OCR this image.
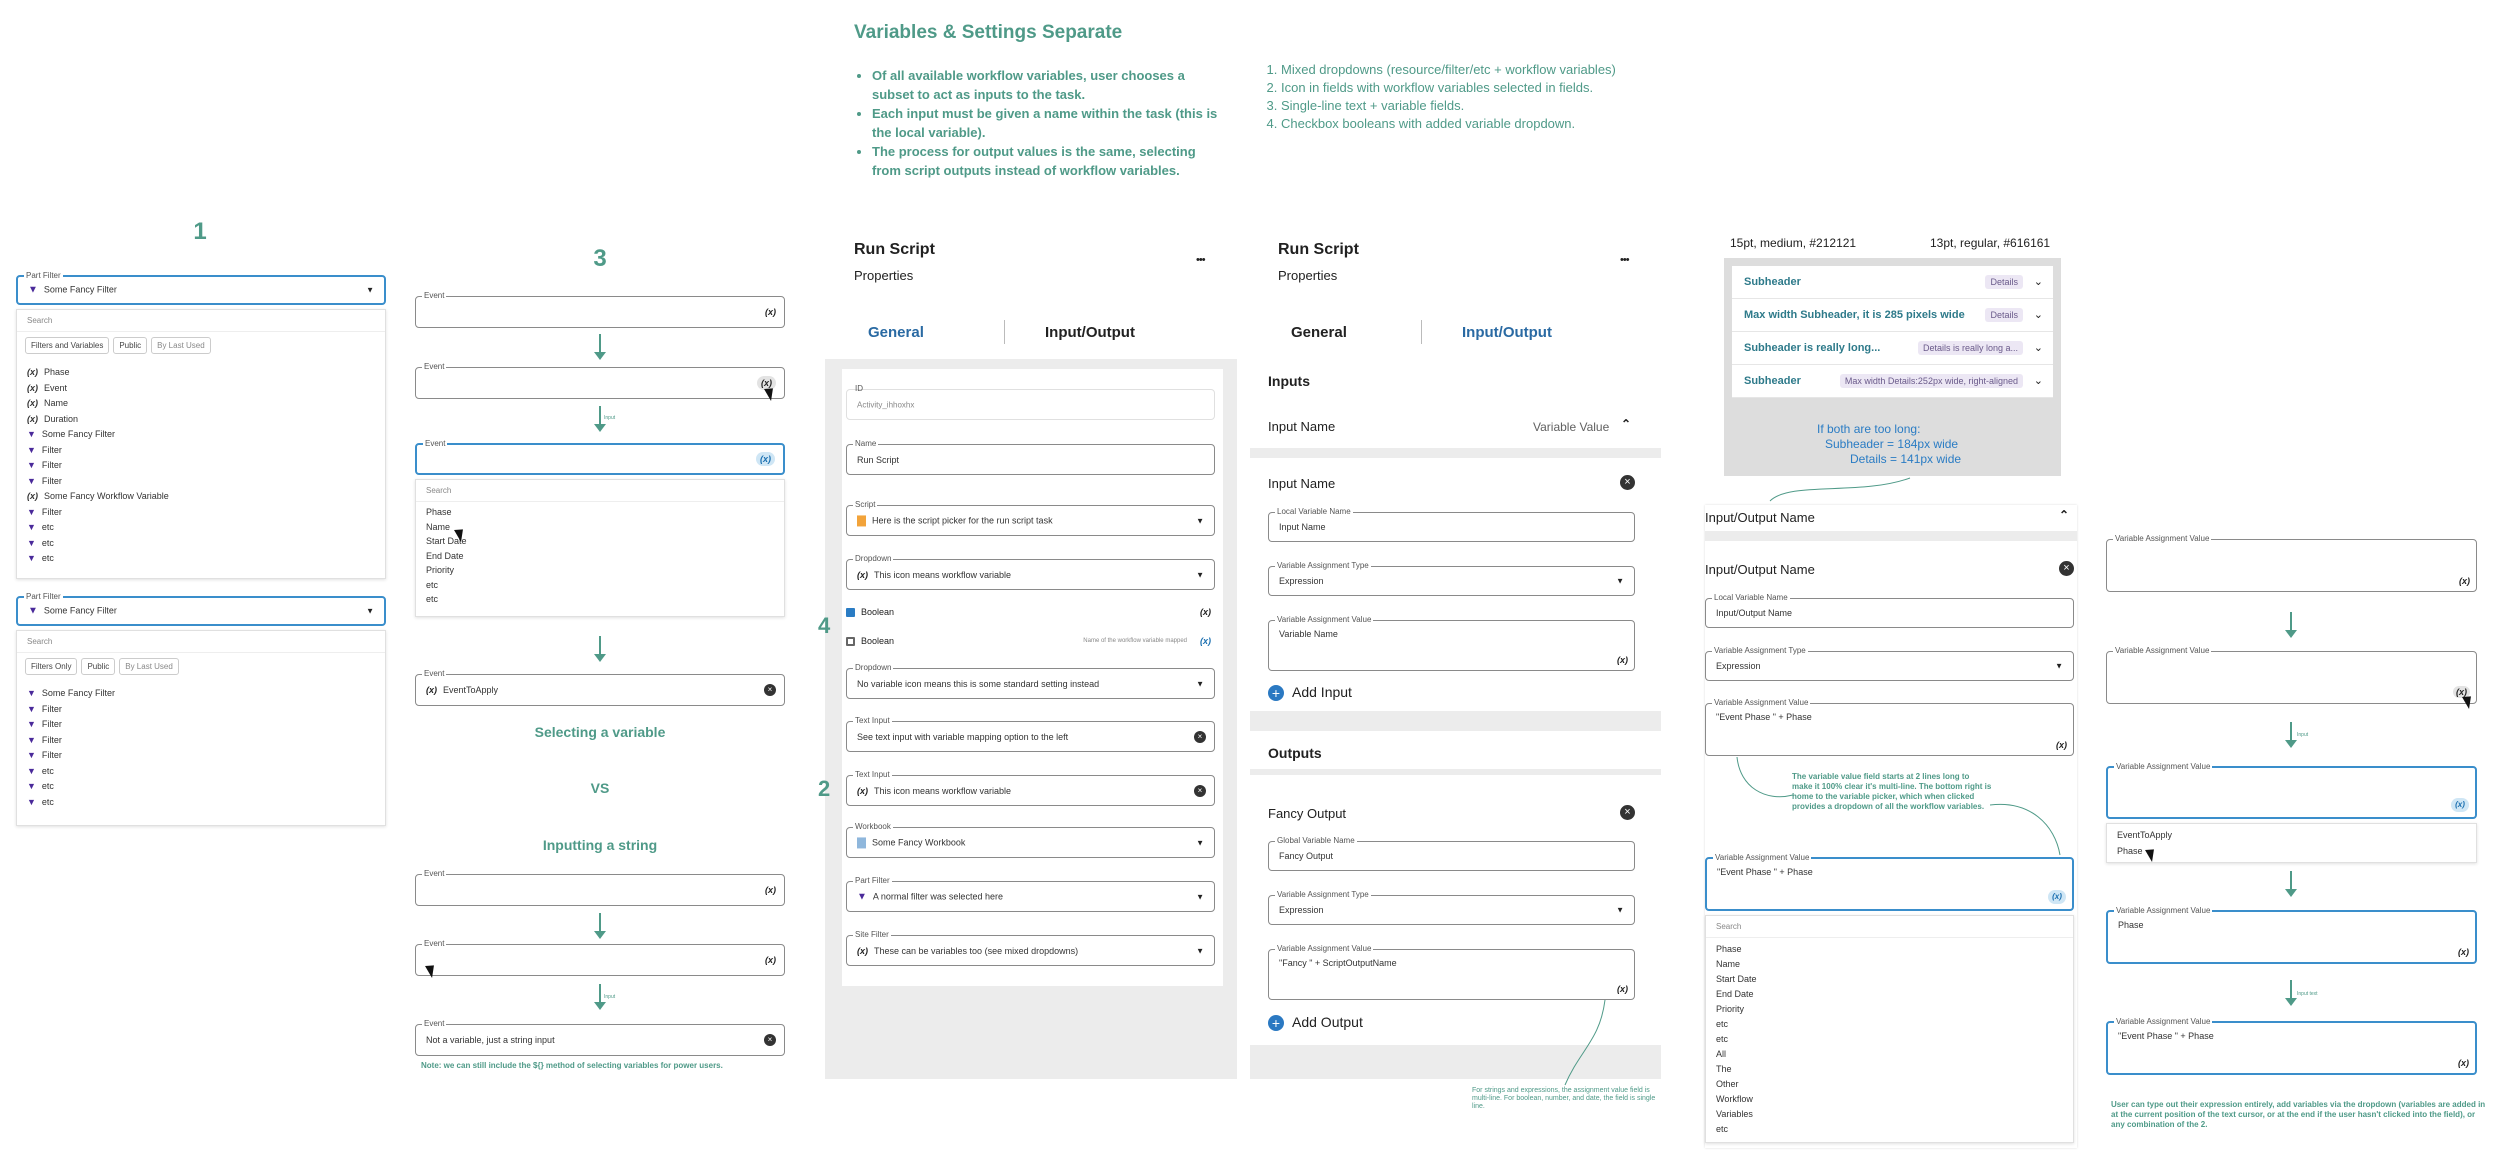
Variables & Settings Separate
• Of all available workflow variables, user chooses a subset to act as inputs to the task.
• Each input must be given a name within the task (this is the local variable).
• The process for output values is the same, selecting from script outputs instead of workflow variables.
1. Mixed dropdowns (resource/filter/etc + workflow variables)
2. Icon in fields with workflow variables selected in fields.
3. Single-line text + variable fields.
4. Checkbox booleans with added variable dropdown.
1
Part Filter
▼ Some Fancy Filter	▼
Search
Filters and Variables	Public	By Last Used
(x) Phase
(x) Event
(x) Name
(x) Duration
▼ Some Fancy Filter
▼ Filter
▼ Filter
▼ Filter
(x) Some Fancy Workflow Variable
▼ Filter
▼ etc
▼ etc
▼ etc
Part Filter
▼ Some Fancy Filter	▼
Search
Filters Only	Public	By Last Used
▼ Some Fancy Filter
▼ Filter
▼ Filter
▼ Filter
▼ Filter
▼ etc
▼ etc
▼ etc
3
Event
(x)
Event
(x)
Input
Event
(x)
Search
Phase
Name
Start Date
End Date
Priority
etc
etc
Event
(x) EventToApply	×
Selecting a variable
VS
Inputting a string
Event
(x)
Event
(x)
Input
Event
Not a variable, just a string input	×
Note: we can still include the ${} method of selecting variables for power users.
Run Script
Properties
•••
General	Input/Output
4
2
ID
Activity_ihhoxhx
Name
Run Script
Script
Here is the script picker for the run script task	▼
Dropdown
(x) This icon means workflow variable	▼
Boolean	(x)
Boolean	Name of the workflow variable mapped (x)
Dropdown
No variable icon means this is some standard setting instead	▼
Text Input
See text input with variable mapping option to the left	×
Text Input
(x) This icon means workflow variable	×
Workbook
Some Fancy Workbook	▼
Part Filter
▼ A normal filter was selected here	▼
Site Filter
(x) These can be variables too (see mixed dropdowns)	▼
Run Script
Properties
•••
General	Input/Output
Inputs
Input Name	Variable Value ⌃
Input Name	×
Local Variable Name
Input Name
Variable Assignment Type
Expression	▼
Variable Assignment Value
Variable Name
(x)
+ Add Input
Outputs
Fancy Output	×
Global Variable Name
Fancy Output
Variable Assignment Type
Expression	▼
Variable Assignment Value
"Fancy " + ScriptOutputName
(x)
+ Add Output
For strings and expressions, the assignment value field is multi-line. For boolean, number, and date, the field is single line.
15pt, medium, #212121	13pt, regular, #616161
Subheader	Details	⌄
Max width Subheader, it is 285 pixels wide	Details	⌄
Subheader is really long...	Details is really long a...	⌄
Subheader	Max width Details:252px wide, right-aligned	⌄
If both are too long:
Subheader = 184px wide
Details = 141px wide
Input/Output Name	⌃
Input/Output Name	×
Local Variable Name
Input/Output Name
Variable Assignment Type
Expression	▼
Variable Assignment Value
"Event Phase " + Phase
(x)
The variable value field starts at 2 lines long to make it 100% clear it's multi-line. The bottom right is home to the variable picker, which when clicked provides a dropdown of all the workflow variables.
Variable Assignment Value
"Event Phase " + Phase
(x)
Search
Phase
Name
Start Date
End Date
Priority
etc
etc
All
The
Other
Workflow
Variables
etc
Variable Assignment Value
(x)
Variable Assignment Value
(x)
Input
Variable Assignment Value
(x)
EventToApply
Phase
Variable Assignment Value
Phase
(x)
Input text
Variable Assignment Value
"Event Phase " + Phase
(x)
User can type out their expression entirely, add variables via the dropdown (variables are added in at the current position of the text cursor, or at the end if the user hasn't clicked into the field), or any combination of the 2.
